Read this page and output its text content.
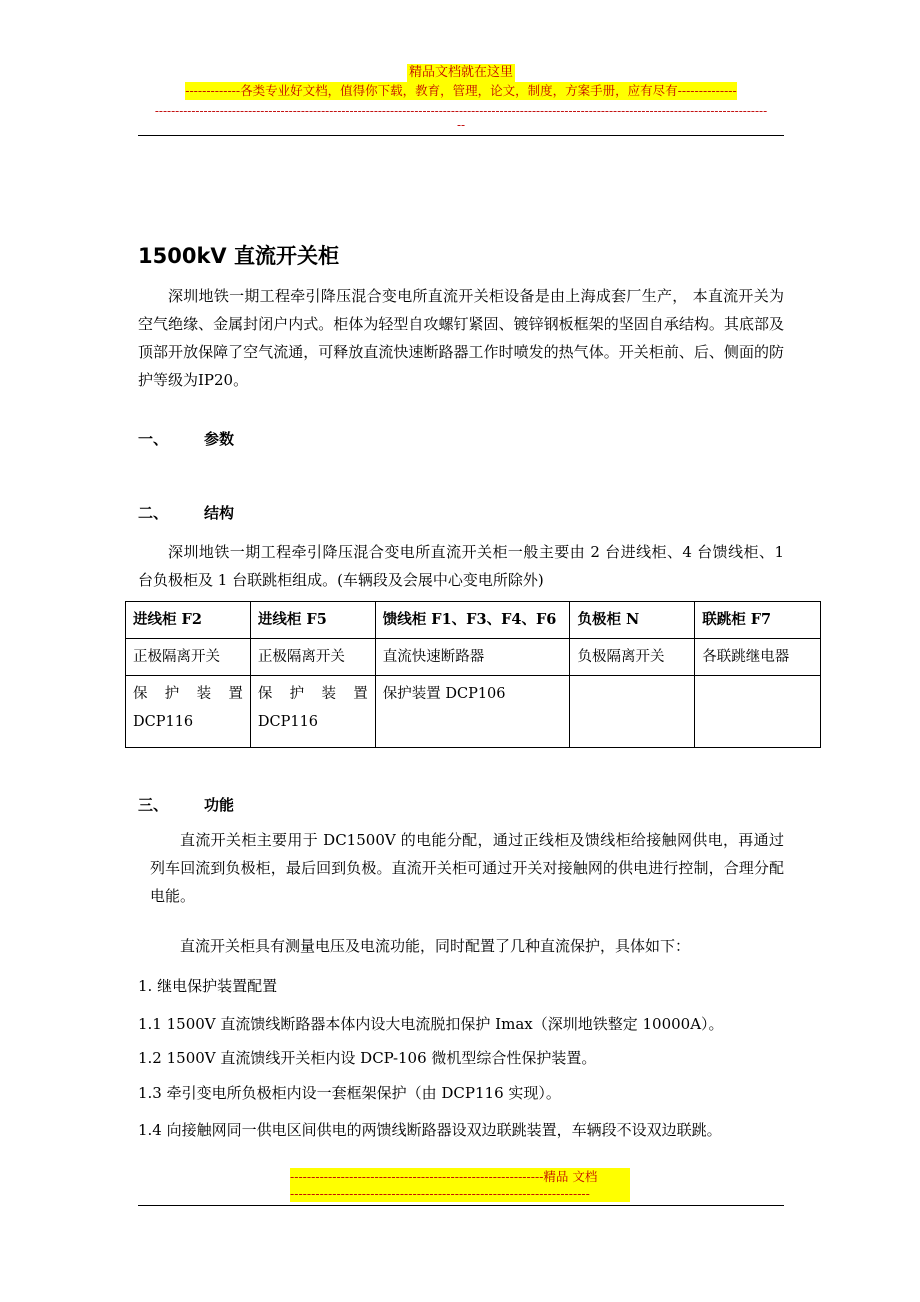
精品文档就在这里
-------------各类专业好文档，值得你下载，教育，管理，论文，制度，方案手册，应有尽有--------------
-------------------------------------------------------------------------------------------------------------------------------------------------------
--
1500kV 直流开关柜
深圳地铁一期工程牵引降压混合变电所直流开关柜设备是由上海成套厂生产， 本直流开关为空气绝缘、金属封闭户内式。柜体为轻型自攻螺钉紧固、镀锌钢板框架的坚固自承结构。其底部及顶部开放保障了空气流通，可释放直流快速断路器工作时喷发的热气体。开关柜前、后、侧面的防护等级为IP20。
一、 参数
二、 结构
深圳地铁一期工程牵引降压混合变电所直流开关柜一般主要由 2 台进线柜、4 台馈线柜、1 台负极柜及 1 台联跳柜组成。(车辆段及会展中心变电所除外)
进线柜 F2	进线柜 F5	馈线柜 F1、F3、F4、F6	负极柜 N	联跳柜 F7
正极隔离开关	正极隔离开关	直流快速断路器	负极隔离开关	各联跳继电器
保 护 装 置 DCP116	保 护 装 置 DCP116	保护装置 DCP106		
三、 功能
直流开关柜主要用于 DC1500V 的电能分配，通过正线柜及馈线柜给接触网供电，再通过列车回流到负极柜，最后回到负极。直流开关柜可通过开关对接触网的供电进行控制，合理分配电能。
直流开关柜具有测量电压及电流功能，同时配置了几种直流保护，具体如下：
1. 继电保护装置配置
1.1 1500V 直流馈线断路器本体内设大电流脱扣保护 Imax（深圳地铁整定 10000A）。
1.2 1500V 直流馈线开关柜内设 DCP-106 微机型综合性保护装置。
1.3 牵引变电所负极柜内设一套框架保护（由 DCP116 实现）。
1.4 向接触网同一供电区间供电的两馈线断路器设双边联跳装置，车辆段不设双边联跳。
------------------------------------------------------------精品 文档
-----------------------------------------------------------------------
